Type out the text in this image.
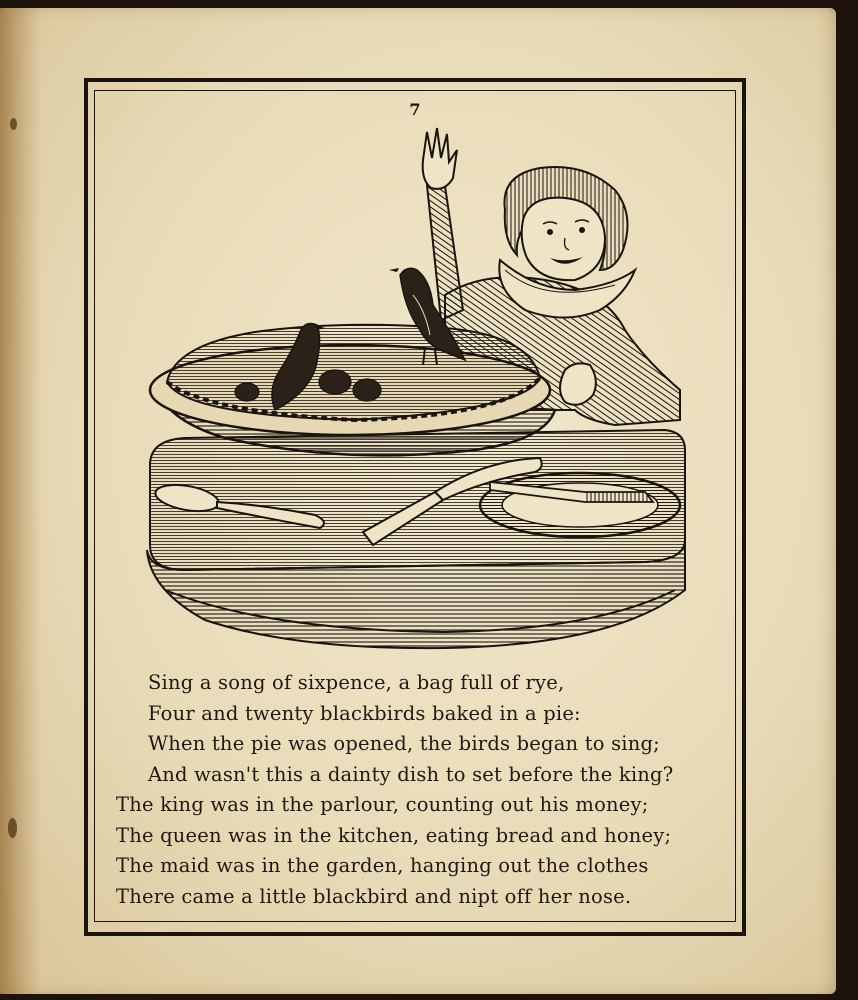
7
Sing a song of sixpence, a bag full of rye,
Four and twenty blackbirds baked in a pie:
When the pie was opened, the birds began to sing;
And wasn't this a dainty dish to set before the king?
The king was in the parlour, counting out his money;
The queen was in the kitchen, eating bread and honey;
The maid was in the garden, hanging out the clothes
There came a little blackbird and nipt off her nose.
